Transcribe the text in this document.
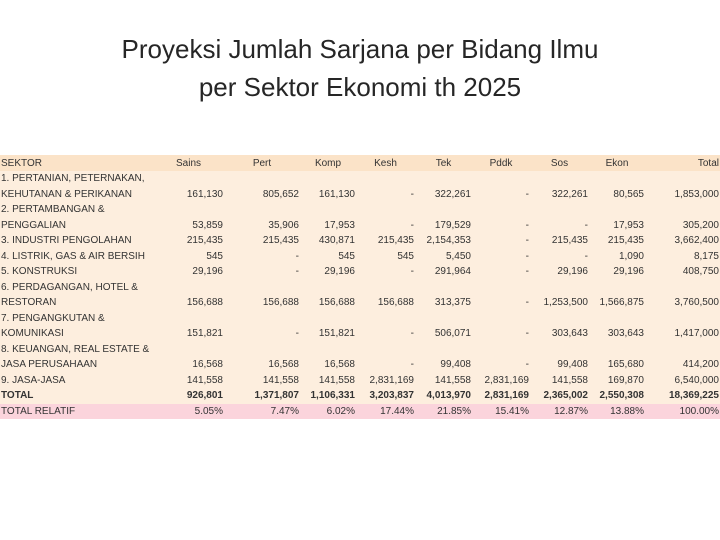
Proyeksi Jumlah Sarjana per Bidang Ilmu
per Sektor Ekonomi th 2025
SEKTOR	Sains	Pert	Komp	Kesh	Tek	Pddk	Sos	Ekon	Total

1. PERTANIAN, PETERNAKAN,
KEHUTANAN & PERIKANAN	161,130	805,652	161,130	-	322,261	-	322,261	80,565	1,853,000

2. PERTAMBANGAN &
PENGGALIAN	53,859	35,906	17,953	-	179,529	-	-	17,953	305,200

3. INDUSTRI PENGOLAHAN	215,435	215,435	430,871	215,435	2,154,353	-	215,435	215,435	3,662,400

4. LISTRIK, GAS & AIR BERSIH	545	-	545	545	5,450	-	-	1,090	8,175

5. KONSTRUKSI	29,196	-	29,196	-	291,964	-	29,196	29,196	408,750

6. PERDAGANGAN, HOTEL &
RESTORAN	156,688	156,688	156,688	156,688	313,375	-	1,253,500	1,566,875	3,760,500

7. PENGANGKUTAN &
KOMUNIKASI	151,821	-	151,821	-	506,071	-	303,643	303,643	1,417,000

8. KEUANGAN, REAL ESTATE &
JASA PERUSAHAAN	16,568	16,568	16,568	-	99,408	-	99,408	165,680	414,200

9. JASA-JASA	141,558	141,558	141,558	2,831,169	141,558	2,831,169	141,558	169,870	6,540,000
TOTAL	926,801	1,371,807	1,106,331	3,203,837	4,013,970	2,831,169	2,365,002	2,550,308	18,369,225
TOTAL RELATIF	5.05%	7.47%	6.02%	17.44%	21.85%	15.41%	12.87%	13.88%	100.00%
